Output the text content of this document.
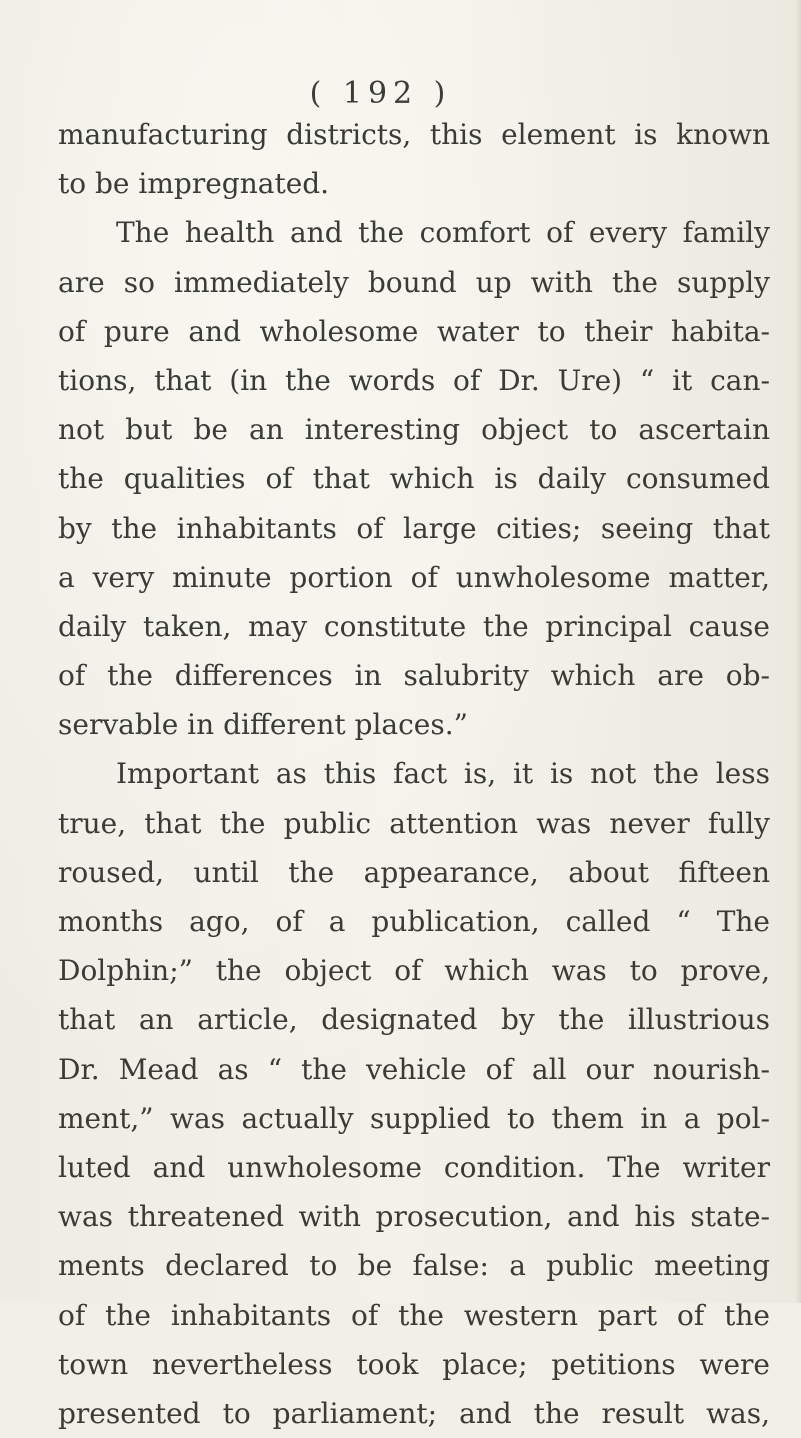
( 192 )
manufacturing districts, this element is known
to be impregnated.
The health and the comfort of every family
are so immediately bound up with the supply
of pure and wholesome water to their habita-
tions, that (in the words of Dr. Ure) “ it can-
not but be an interesting object to ascertain
the qualities of that which is daily consumed
by the inhabitants of large cities; seeing that
a very minute portion of unwholesome matter,
daily taken, may constitute the principal cause
of the differences in salubrity which are ob-
servable in different places.”
Important as this fact is, it is not the less
true, that the public attention was never fully
roused, until the appearance, about fifteen
months ago, of a publication, called “ The
Dolphin;” the object of which was to prove,
that an article, designated by the illustrious
Dr. Mead as “ the vehicle of all our nourish-
ment,” was actually supplied to them in a pol-
luted and unwholesome condition. The writer
was threatened with prosecution, and his state-
ments declared to be false: a public meeting
of the inhabitants of the western part of the
town nevertheless took place; petitions were
presented to parliament; and the result was,
